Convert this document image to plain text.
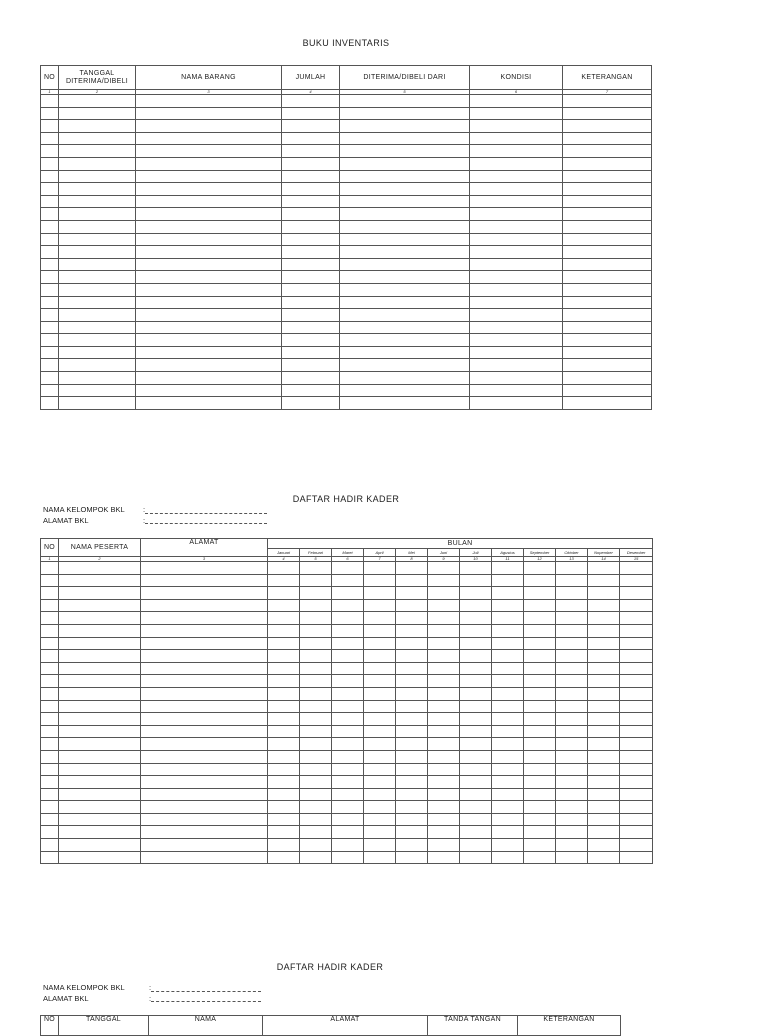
BUKU INVENTARIS
NO	TANGGAL DITERIMA/DIBELI	NAMA BARANG	JUMLAH	DITERIMA/DIBELI DARI	KONDISI	KETERANGAN
1	2	3	4	5	6	7

DAFTAR HADIR KADER
NAMA KELOMPOK BKL :
ALAMAT BKL	:
NO	NAMA PESERTA	ALAMAT	BULAN											
			Januari	Februari	Maret	April	Mei	Juni	Juli	Agustus	September	Oktober	Nopember	Desember
1	2	3	4	5	6	7	8	9	10	11	12	13	14	15

DAFTAR HADIR KADER
NAMA KELOMPOK BKL	:
ALAMAT BKL	:
NO	TANGGAL	NAMA	ALAMAT	TANDA TANGAN	KETERANGAN
